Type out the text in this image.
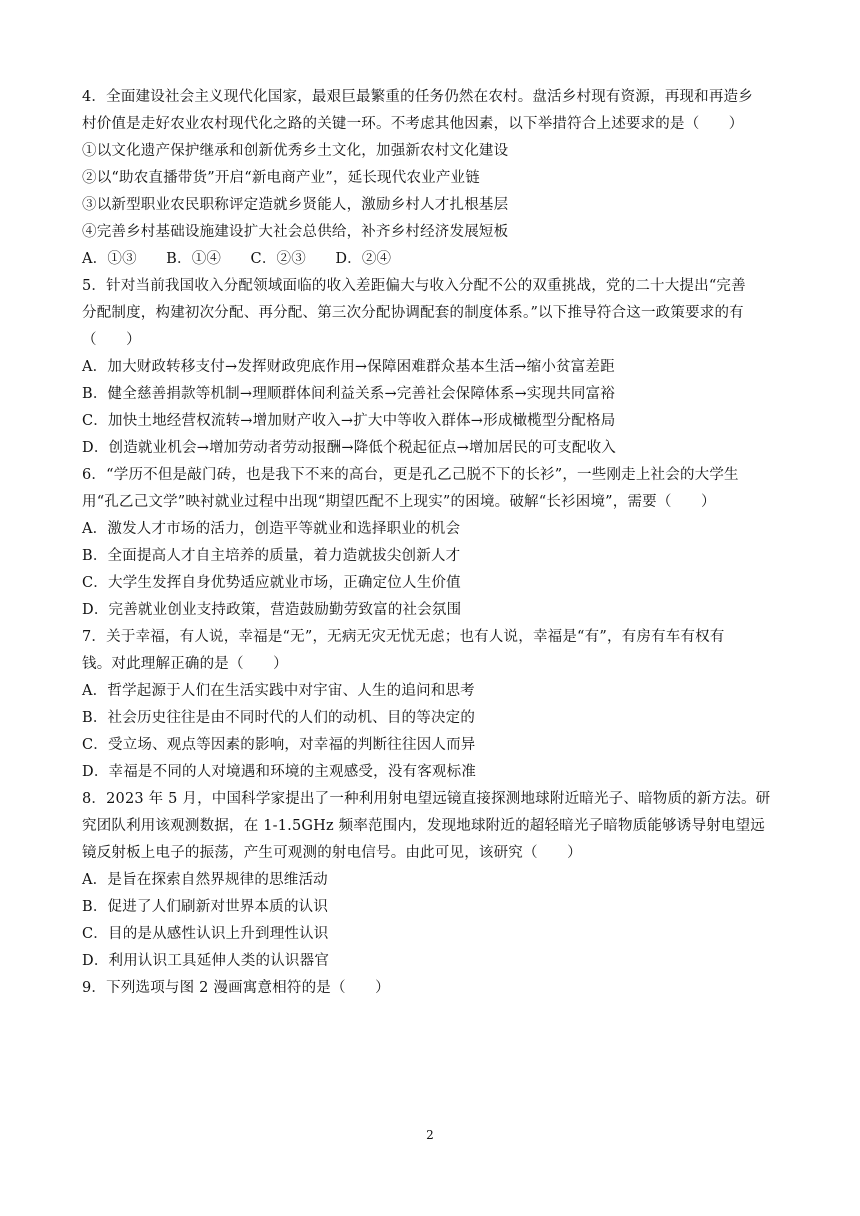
4．全面建设社会主义现代化国家，最艰巨最繁重的任务仍然在农村。盘活乡村现有资源，再现和再造乡
村价值是走好农业农村现代化之路的关键一环。不考虑其他因素，以下举措符合上述要求的是（　　）
①以文化遗产保护继承和创新优秀乡土文化，加强新农村文化建设
②以“助农直播带货”开启“新电商产业”，延长现代农业产业链
③以新型职业农民职称评定造就乡贤能人，激励乡村人才扎根基层
④完善乡村基础设施建设扩大社会总供给，补齐乡村经济发展短板
A．①③　　B．①④　　C．②③　　D．②④
5．针对当前我国收入分配领域面临的收入差距偏大与收入分配不公的双重挑战，党的二十大提出“完善
分配制度，构建初次分配、再分配、第三次分配协调配套的制度体系。”以下推导符合这一政策要求的有
（　　）
A．加大财政转移支付→发挥财政兜底作用→保障困难群众基本生活→缩小贫富差距
B．健全慈善捐款等机制→理顺群体间利益关系→完善社会保障体系→实现共同富裕
C．加快土地经营权流转→增加财产收入→扩大中等收入群体→形成橄榄型分配格局
D．创造就业机会→增加劳动者劳动报酬→降低个税起征点→增加居民的可支配收入
6．“学历不但是敲门砖，也是我下不来的高台，更是孔乙己脱不下的长衫”，一些刚走上社会的大学生
用“孔乙己文学”映衬就业过程中出现“期望匹配不上现实”的困境。破解“长衫困境”，需要（　　）
A．激发人才市场的活力，创造平等就业和选择职业的机会
B．全面提高人才自主培养的质量，着力造就拔尖创新人才
C．大学生发挥自身优势适应就业市场，正确定位人生价值
D．完善就业创业支持政策，营造鼓励勤劳致富的社会氛围
7．关于幸福，有人说，幸福是“无”，无病无灾无忧无虑；也有人说，幸福是“有”，有房有车有权有
钱。对此理解正确的是（　　）
A．哲学起源于人们在生活实践中对宇宙、人生的追问和思考
B．社会历史往往是由不同时代的人们的动机、目的等决定的
C．受立场、观点等因素的影响，对幸福的判断往往因人而异
D．幸福是不同的人对境遇和环境的主观感受，没有客观标准
8．2023 年 5 月，中国科学家提出了一种利用射电望远镜直接探测地球附近暗光子、暗物质的新方法。研
究团队利用该观测数据，在 1-1.5GHz 频率范围内，发现地球附近的超轻暗光子暗物质能够诱导射电望远
镜反射板上电子的振荡，产生可观测的射电信号。由此可见，该研究（　　）
A．是旨在探索自然界规律的思维活动
B．促进了人们刷新对世界本质的认识
C．目的是从感性认识上升到理性认识
D．利用认识工具延伸人类的认识器官
9．下列选项与图 2 漫画寓意相符的是（　　）
2
